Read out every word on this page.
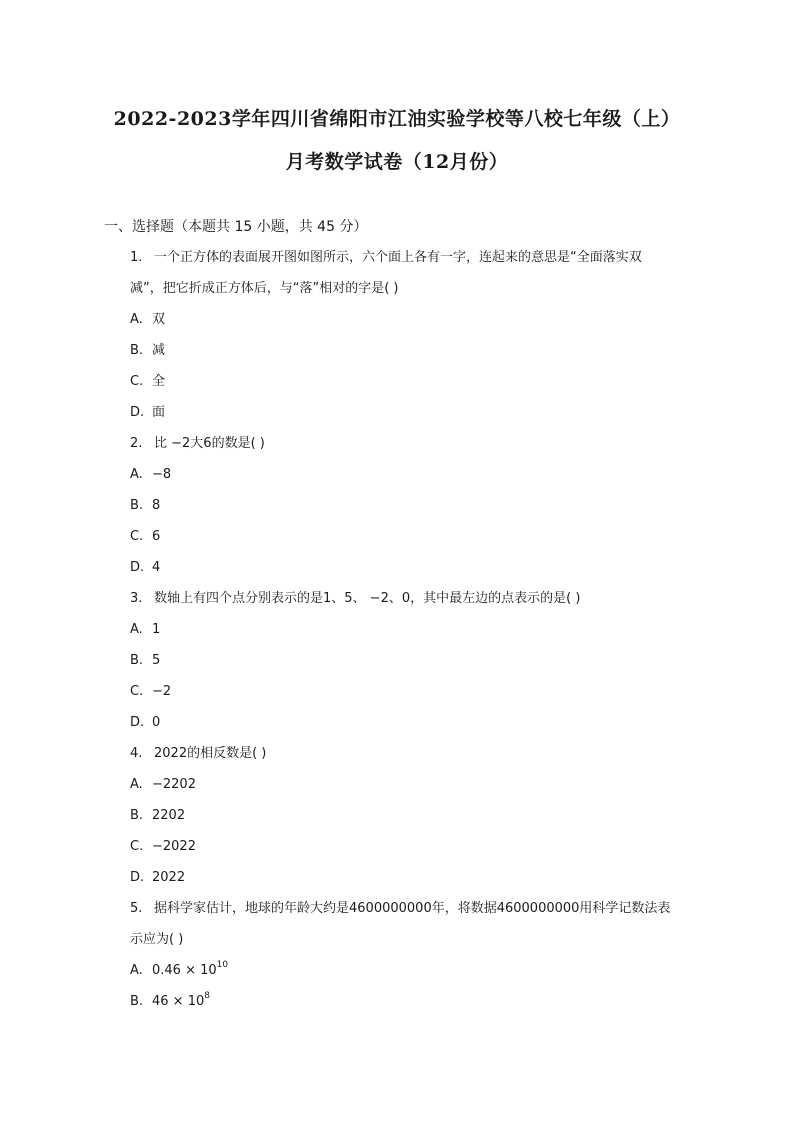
2022-2023学年四川省绵阳市江油实验学校等八校七年级（上）
月考数学试卷（12月份）
一、选择题（本题共 15 小题，共 45 分）
1. 一个正方体的表面展开图如图所示，六个面上各有一字，连起来的意思是“全面落实双
减”，把它折成正方体后，与“落”相对的字是( )
A. 双
B. 减
C. 全
D. 面
2. 比 −2大6的数是( )
A. −8
B. 8
C. 6
D. 4
3. 数轴上有四个点分别表示的是1、5、 −2、0，其中最左边的点表示的是( )
A. 1
B. 5
C. −2
D. 0
4. 2022的相反数是( )
A. −2202
B. 2202
C. −2022
D. 2022
5. 据科学家估计，地球的年龄大约是4600000000年，将数据4600000000用科学记数法表
示应为( )
A. $0.46 \times 10^{10}$
B. $46 \times 10^8$
